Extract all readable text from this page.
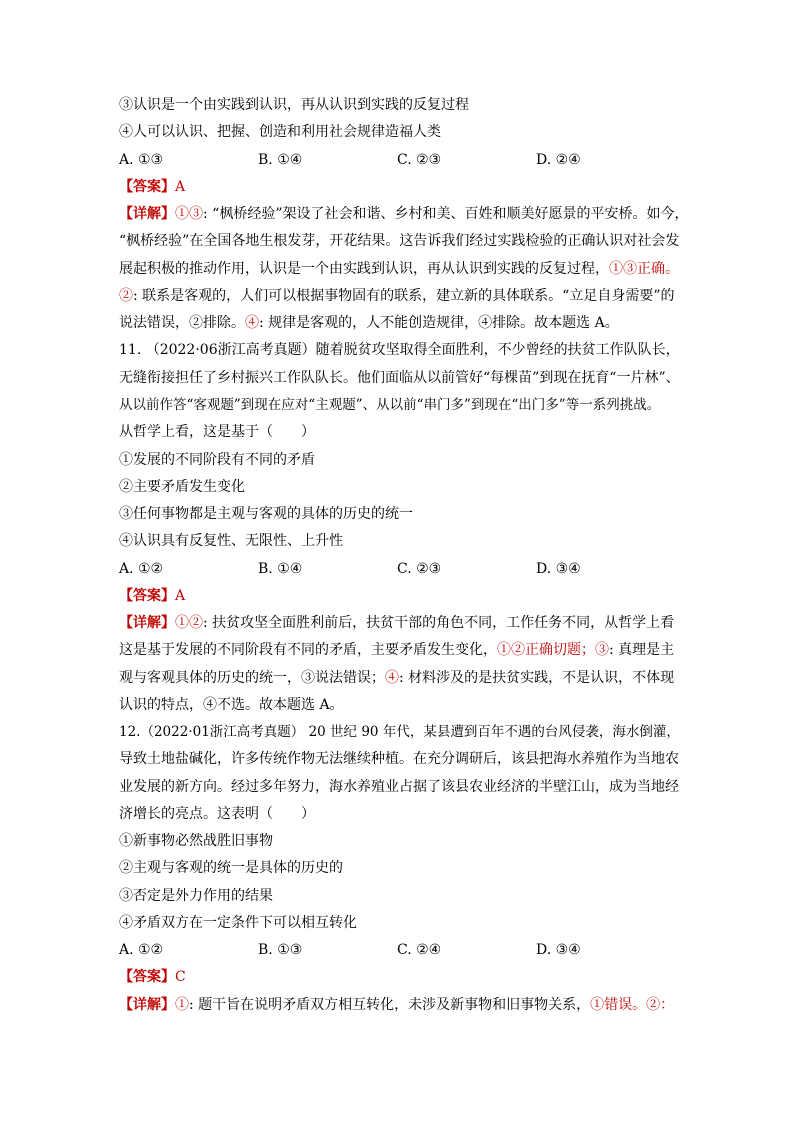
③认识是一个由实践到认识，再从认识到实践的反复过程
④人可以认识、把握、创造和利用社会规律造福人类
A. ①③	B. ①④	C. ②③	D. ②④
【答案】A
【详解】①③: “枫桥经验”架设了社会和谐、乡村和美、百姓和顺美好愿景的平安桥。如今，
“枫桥经验”在全国各地生根发芽，开花结果。这告诉我们经过实践检验的正确认识对社会发
展起积极的推动作用，认识是一个由实践到认识，再从认识到实践的反复过程，①③正确。
②: 联系是客观的，人们可以根据事物固有的联系，建立新的具体联系。“立足自身需要”的
说法错误，②排除。④: 规律是客观的，人不能创造规律，④排除。故本题选 A。
11. （2022·06浙江高考真题）随着脱贫攻坚取得全面胜利，不少曾经的扶贫工作队队长，
无缝衔接担任了乡村振兴工作队队长。他们面临从以前管好“每棵苗”到现在抚育“一片林”、
从以前作答“客观题”到现在应对“主观题”、从以前“串门多”到现在“出门多”等一系列挑战。
从哲学上看，这是基于（　　）
①发展的不同阶段有不同的矛盾
②主要矛盾发生变化
③任何事物都是主观与客观的具体的历史的统一
④认识具有反复性、无限性、上升性
A. ①②	B. ①④	C. ②③	D. ③④
【答案】A
【详解】①②: 扶贫攻坚全面胜利前后，扶贫干部的角色不同，工作任务不同，从哲学上看
这是基于发展的不同阶段有不同的矛盾，主要矛盾发生变化，①②正确切题；③: 真理是主
观与客观具体的历史的统一，③说法错误；④: 材料涉及的是扶贫实践，不是认识，不体现
认识的特点，④不选。故本题选 A。
12.（2022·01浙江高考真题） 20 世纪 90 年代，某县遭到百年不遇的台风侵袭，海水倒灌，
导致土地盐碱化，许多传统作物无法继续种植。在充分调研后，该县把海水养殖作为当地农
业发展的新方向。经过多年努力，海水养殖业占据了该县农业经济的半壁江山，成为当地经
济增长的亮点。这表明（　　）
①新事物必然战胜旧事物
②主观与客观的统一是具体的历史的
③否定是外力作用的结果
④矛盾双方在一定条件下可以相互转化
A. ①②	B. ①③	C. ②④	D. ③④
【答案】C
【详解】①: 题干旨在说明矛盾双方相互转化，未涉及新事物和旧事物关系，①错误。②：
